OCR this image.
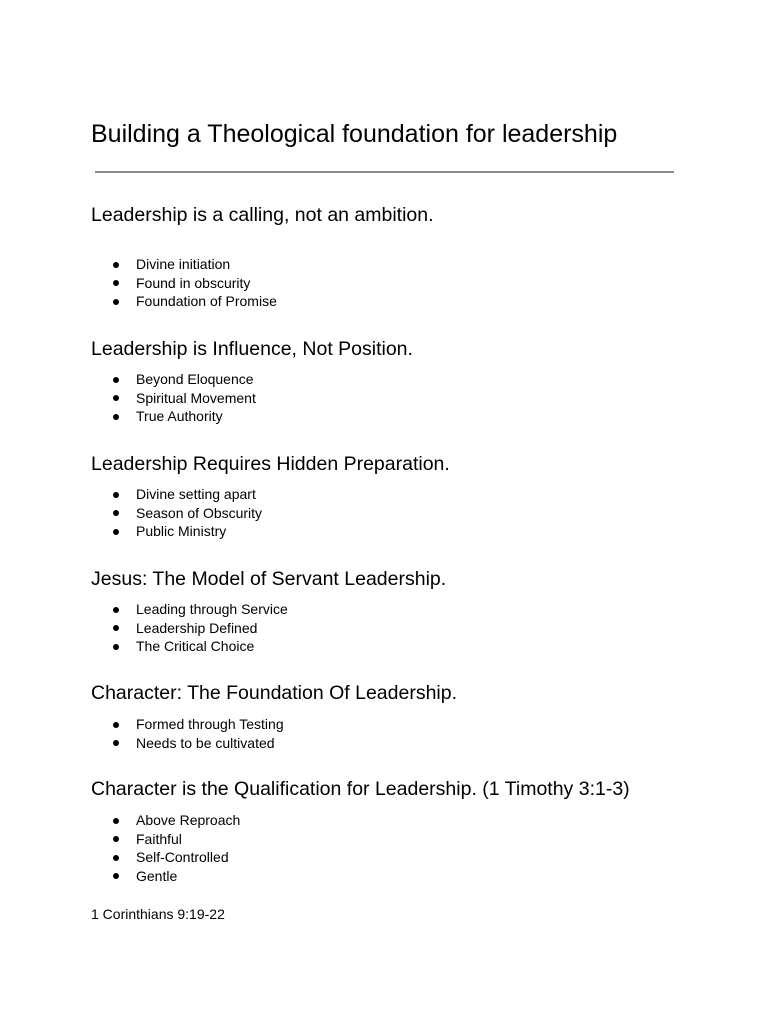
Building a Theological foundation for leadership
Leadership is a calling, not an ambition.
Divine initiation
Found in obscurity
Foundation of Promise
Leadership is Influence, Not Position.
Beyond Eloquence
Spiritual Movement
True Authority
Leadership Requires Hidden Preparation.
Divine setting apart
Season of Obscurity
Public Ministry
Jesus: The Model of Servant Leadership.
Leading through Service
Leadership Defined
The Critical Choice
Character: The Foundation Of Leadership.
Formed through Testing
Needs to be cultivated
Character is the Qualification for Leadership. (1 Timothy 3:1-3)
Above Reproach
Faithful
Self-Controlled
Gentle

1 Corinthians 9:19-22
